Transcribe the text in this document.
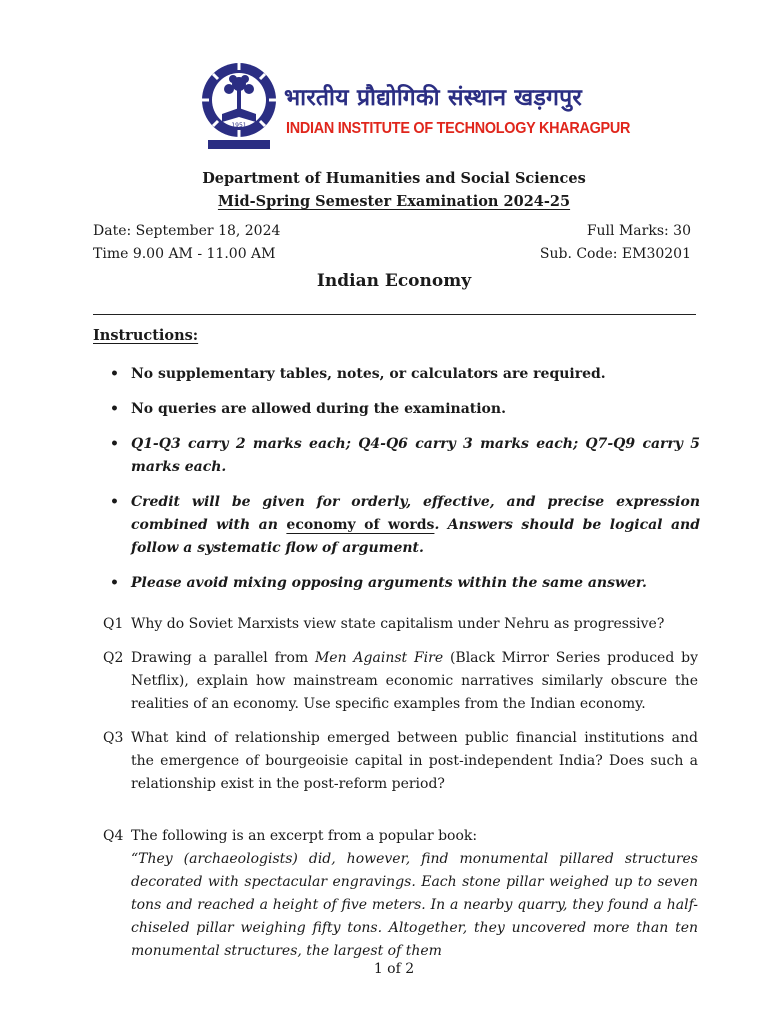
1951
भारतीय प्रौद्योगिकी संस्थान खड़गपुर
INDIAN INSTITUTE OF TECHNOLOGY KHARAGPUR
Department of Humanities and Social Sciences
Mid-Spring Semester Examination 2024-25
Date: September 18, 2024
Time 9.00 AM - 11.00 AM
Full Marks: 30
Sub. Code: EM30201
Indian Economy
Instructions:
• No supplementary tables, notes, or calculators are required.
• No queries are allowed during the examination.
• Q1-Q3 carry 2 marks each; Q4-Q6 carry 3 marks each; Q7-Q9 carry 5 marks each.
• Credit will be given for orderly, effective, and precise expression combined with an economy of words. Answers should be logical and follow a systematic flow of argument.
• Please avoid mixing opposing arguments within the same answer.
Q1 Why do Soviet Marxists view state capitalism under Nehru as progressive?
Q2 Drawing a parallel from Men Against Fire (Black Mirror Series produced by Netflix), explain how mainstream economic narratives similarly obscure the realities of an economy. Use specific examples from the Indian economy.
Q3 What kind of relationship emerged between public financial institutions and the emergence of bourgeoisie capital in post-independent India? Does such a relationship exist in the post-reform period?
Q4 The following is an excerpt from a popular book:
“They (archaeologists) did, however, find monumental pillared structures decorated with spectacular engravings. Each stone pillar weighed up to seven tons and reached a height of five meters. In a nearby quarry, they found a half-chiseled pillar weighing fifty tons. Altogether, they uncovered more than ten monumental structures, the largest of them
1 of 2
